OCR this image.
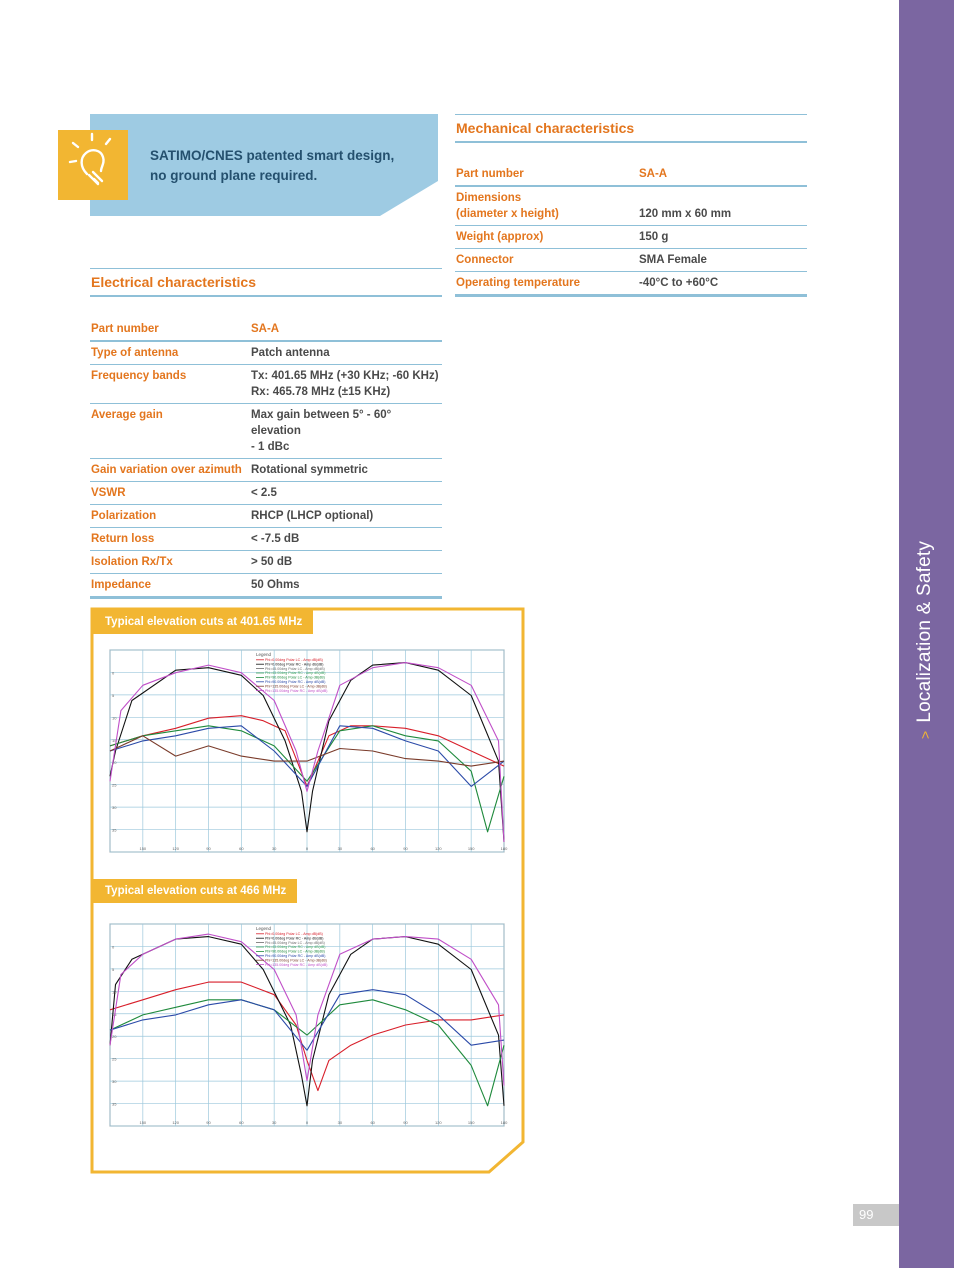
>Localization & Safety
99
SATIMO/CNES patented smart design,
no ground plane required.
Mechanical characteristics
Part number	SA-A

Dimensions
(diameter x height)	120 mm x 60 mm
Weight (approx)	150 g
Connector	SMA Female
Operating temperature	-40°C to +60°C
Electrical characteristics
Part number	SA-A
Type of antenna	Patch antenna
Frequency bands	Tx: 401.65 MHz (+30 KHz; -60 KHz)
Rx: 465.78 MHz (±15 KHz)

Average gain	Max gain between 5° - 60° elevation
- 1 dBc

Gain variation over azimuth	Rotational symmetric
VSWR	< 2.5
Polarization	RHCP (LHCP optional)
Return loss	< -7.5 dB
Isolation Rx/Tx	> 50 dB
Impedance	50 Ohms
Typical elevation cuts at 401.65 MHz
Typical elevation cuts at 466 MHz
0
5
10
15
20
25
30
35
150	120	90	60	30	0	30	60	90	120	150	180
Legend
Phi=0.00deg Polar LC - Amp dB(dB)
Phi=0.00deg Polar RC - Amp dB(dB)
Phi=45.00deg Polar LC - Amp dB(dB)
Phi=45.00deg Polar RC - Amp dB(dB)
Phi=90.00deg Polar LC - Amp dB(dB)
Phi=90.00deg Polar RC - Amp dB(dB)
Phi=135.00deg Polar LC - Amp dB(dB)
Phi=135.00deg Polar RC - Amp dB(dB)
0
5
10
15
20
25
30
35
150	120	90	60	30	0	30	60	90	120	150	180
Legend
Phi=0.00deg Polar LC - Amp dB(dB)
Phi=0.00deg Polar RC - Amp dB(dB)
Phi=45.00deg Polar LC - Amp dB(dB)
Phi=45.00deg Polar RC - Amp dB(dB)
Phi=90.00deg Polar LC - Amp dB(dB)
Phi=90.00deg Polar RC - Amp dB(dB)
Phi=135.00deg Polar LC - Amp dB(dB)
Phi=135.00deg Polar RC - Amp dB(dB)
